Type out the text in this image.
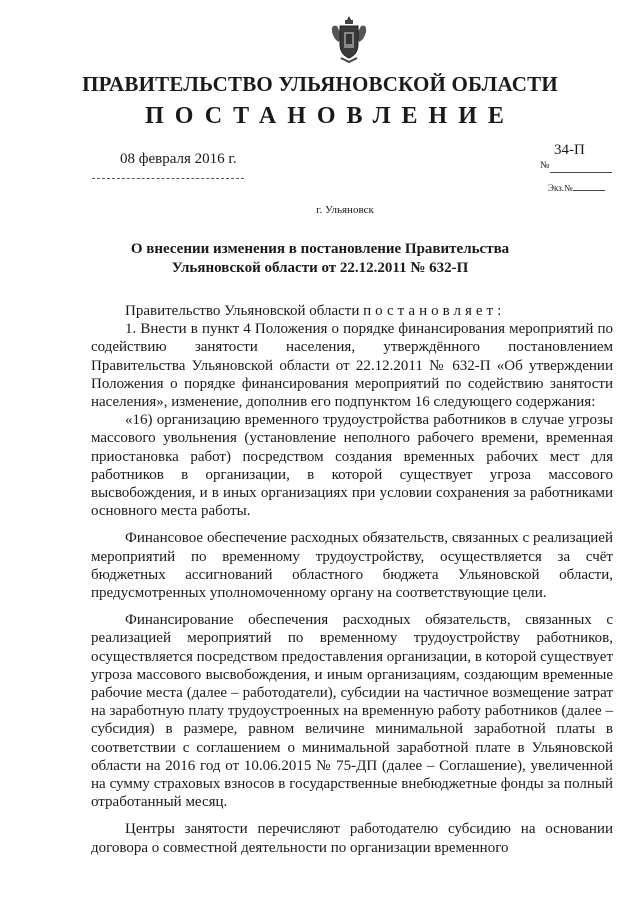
ПРАВИТЕЛЬСТВО УЛЬЯНОВСКОЙ ОБЛАСТИ
ПОСТАНОВЛЕНИЕ
08 февраля 2016 г.	№
34-П
Экз.№
г. Ульяновск
О внесении изменения в постановление Правительства
Ульяновской области от 22.12.2011 № 632-П

Правительство Ульяновской области постановляет:

1. Внести в пункт 4 Положения о порядке финансирования мероприятий по содействию занятости населения, утверждённого постановлением Правительства Ульяновской области от 22.12.2011 № 632-П «Об утверждении Положения о порядке финансирования мероприятий по содействию занятости населения», изменение, дополнив его подпунктом 16 следующего содержания:

«16) организацию временного трудоустройства работников в случае угрозы массового увольнения (установление неполного рабочего времени, временная приостановка работ) посредством создания временных рабочих мест для работников в организации, в которой существует угроза массового высвобождения, и в иных организациях при условии сохранения за работниками основного места работы.

Финансовое обеспечение расходных обязательств, связанных с реализацией мероприятий по временному трудоустройству, осуществляется за счёт бюджетных ассигнований областного бюджета Ульяновской области, предусмотренных уполномоченному органу на соответствующие цели.

Финансирование обеспечения расходных обязательств, связанных с реализацией мероприятий по временному трудоустройству работников, осуществляется посредством предоставления организации, в которой существует угроза массового высвобождения, и иным организациям, создающим временные рабочие места (далее – работодатели), субсидии на частичное возмещение затрат на заработную плату трудоустроенных на временную работу работников (далее – субсидия) в размере, равном величине минимальной заработной платы в соответствии с соглашением о минимальной заработной плате в Ульяновской области на 2016 год от 10.06.2015 № 75-ДП (далее – Соглашение), увеличенной на сумму страховых взносов в государственные внебюджетные фонды за полный отработанный месяц.

Центры занятости перечисляют работодателю субсидию на основании договора о совместной деятельности по организации временного
